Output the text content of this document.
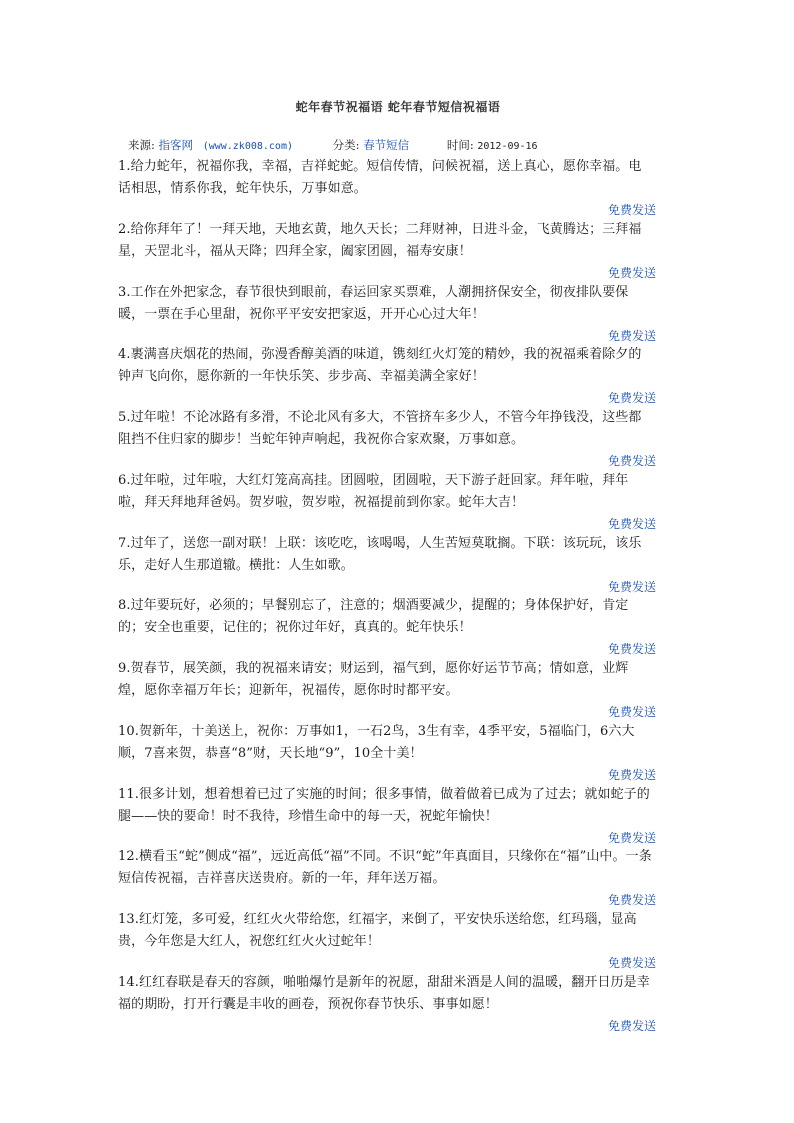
蛇年春节祝福语 蛇年春节短信祝福语
来源: 指客网 (www.zk008.com)	分类: 春节短信	时间: 2012-09-16

1.给力蛇年，祝福你我，幸福，吉祥蛇蛇。短信传情，问候祝福，送上真心，愿你幸福。电话相思，情系你我，蛇年快乐，万事如意。

免费发送

2.给你拜年了！一拜天地，天地玄黄，地久天长；二拜财神，日进斗金，飞黄腾达；三拜福星，天罡北斗，福从天降；四拜全家，阖家团圆，福寿安康！

免费发送

3.工作在外把家念，春节很快到眼前，春运回家买票难，人潮拥挤保安全，彻夜排队要保暖，一票在手心里甜，祝你平平安安把家返，开开心心过大年！

免费发送

4.裹满喜庆烟花的热闹，弥漫香醇美酒的味道，镌刻红火灯笼的精妙，我的祝福乘着除夕的钟声飞向你，愿你新的一年快乐笑、步步高、幸福美满全家好！

免费发送

5.过年啦！不论冰路有多滑，不论北风有多大，不管挤车多少人，不管今年挣钱没，这些都阻挡不住归家的脚步！当蛇年钟声响起，我祝你合家欢聚，万事如意。

免费发送

6.过年啦，过年啦，大红灯笼高高挂。团圆啦，团圆啦，天下游子赶回家。拜年啦，拜年啦，拜天拜地拜爸妈。贺岁啦，贺岁啦，祝福提前到你家。蛇年大吉！

免费发送

7.过年了，送您一副对联！上联：该吃吃，该喝喝，人生苦短莫耽搁。下联：该玩玩，该乐乐，走好人生那道辙。横批：人生如歌。

免费发送

8.过年要玩好，必须的；早餐别忘了，注意的；烟酒要减少，提醒的；身体保护好，肯定的；安全也重要，记住的；祝你过年好，真真的。蛇年快乐！

免费发送

9.贺春节，展笑颜，我的祝福来请安；财运到，福气到，愿你好运节节高；情如意，业辉煌，愿你幸福万年长；迎新年，祝福传，愿你时时都平安。

免费发送

10.贺新年，十美送上，祝你：万事如1，一石2鸟，3生有幸，4季平安，5福临门，6六大顺，7喜来贺，恭喜“8”财，天长地“9”，10全十美！

免费发送

11.很多计划，想着想着已过了实施的时间；很多事情，做着做着已成为了过去；就如蛇子的腿——快的要命！时不我待，珍惜生命中的每一天，祝蛇年愉快！

免费发送

12.横看玉“蛇”侧成“福”，远近高低“福”不同。不识“蛇”年真面目，只缘你在“福”山中。一条短信传祝福，吉祥喜庆送贵府。新的一年，拜年送万福。

免费发送

13.红灯笼，多可爱，红红火火带给您，红福字，来倒了，平安快乐送给您，红玛瑙，显高贵，今年您是大红人，祝您红红火火过蛇年！

免费发送

14.红红春联是春天的容颜，啪啪爆竹是新年的祝愿，甜甜米酒是人间的温暖，翻开日历是幸福的期盼，打开行囊是丰收的画卷，预祝你春节快乐、事事如愿！

免费发送
